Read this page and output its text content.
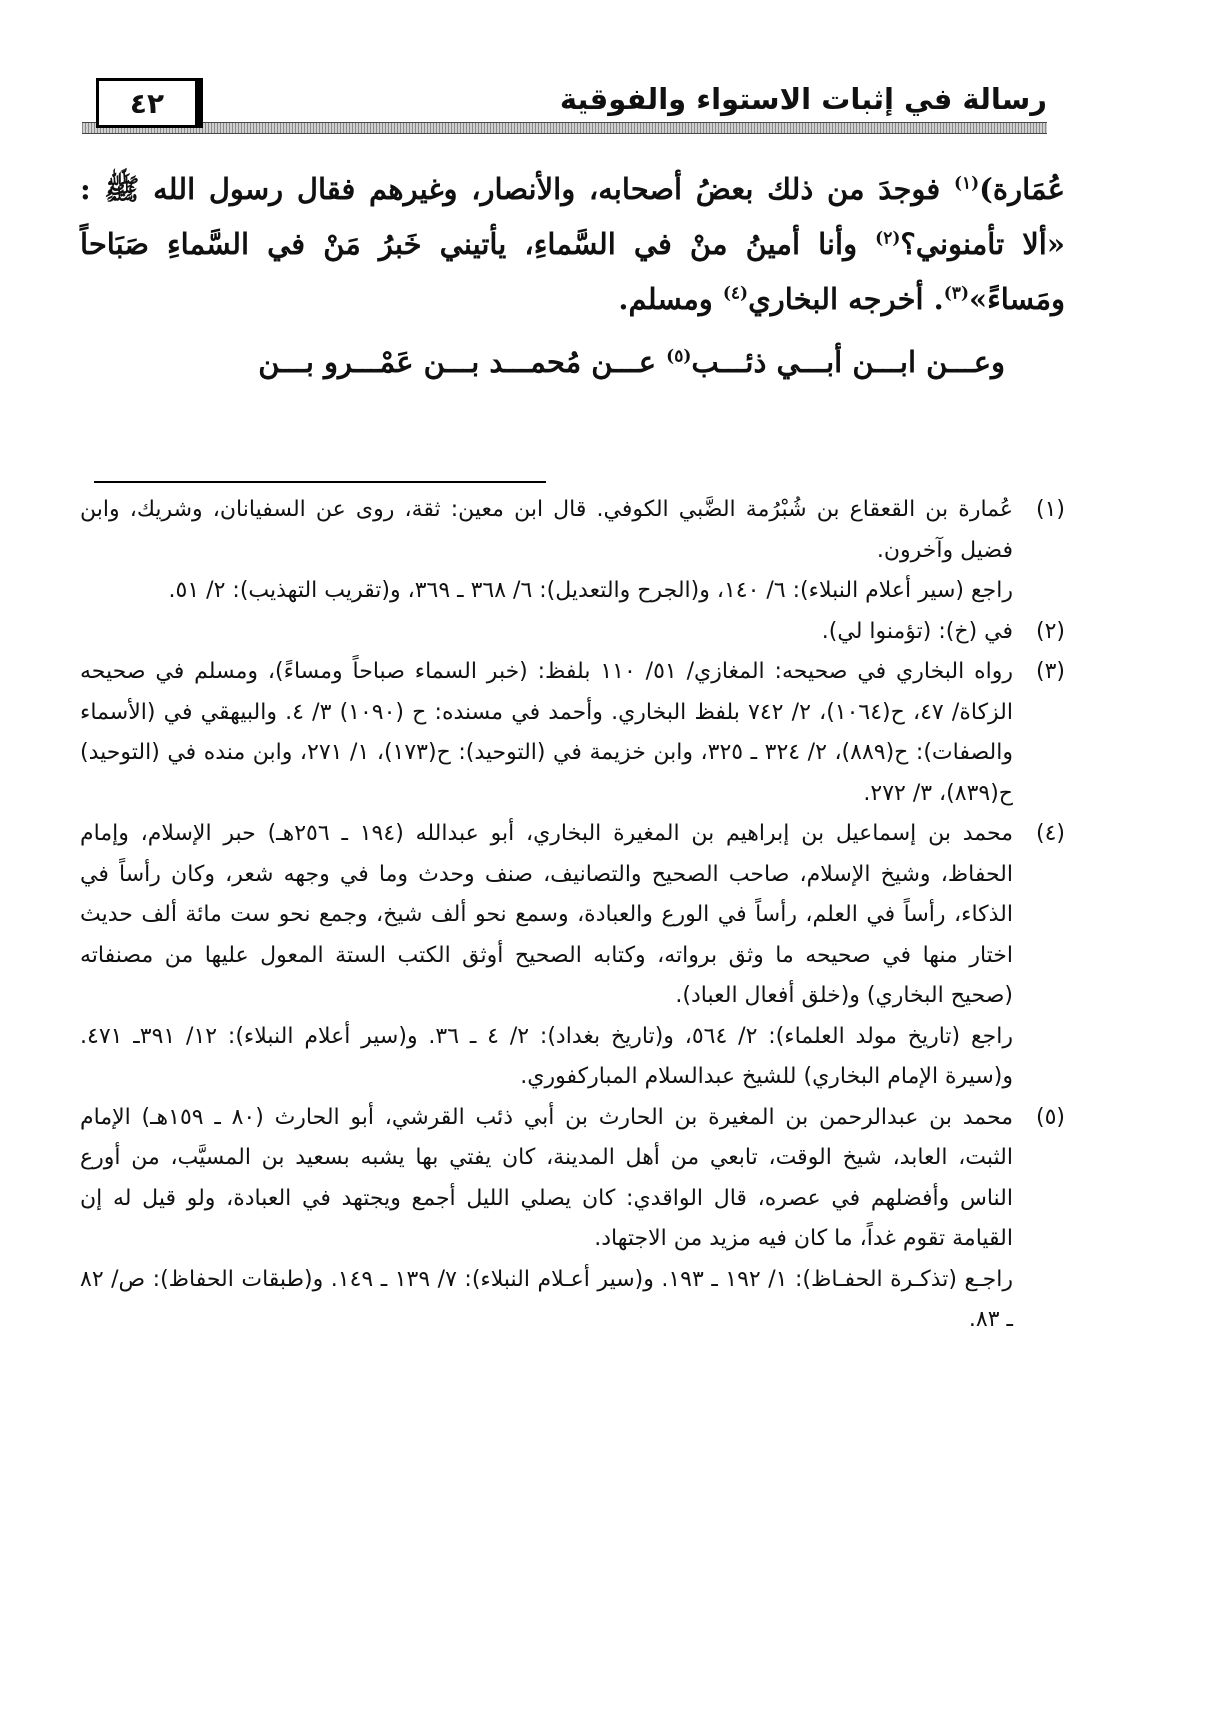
رسالة في إثبات الاستواء والفوقية
٤٢

عُمَارة)$^{(١)}$ فوجدَ من ذلك بعضُ أصحابه، والأنصار، وغيرهم فقال رسول الله ﷺ : «ألا تأمنوني؟$^{(٢)}$ وأنا أمينُ منْ في السَّماءِ، يأتيني خَبرُ مَنْ في السَّماءِ صَبَاحاً ومَساءً»$^{(٣)}$. أخرجه البخاري$^{(٤)}$ ومسلم.

وعـــن ابـــن أبـــي ذئـــب$^{(٥)}$ عـــن مُحمـــد بـــن عَمْـــرو بـــن

(١)

عُمارة بن القعقاع بن شُبْرُمة الضَّبي الكوفي. قال ابن معين: ثقة، روى عن السفيانان، وشريك، وابن فضيل وآخرون.

راجع (سير أعلام النبلاء): ٦/ ١٤٠، و(الجرح والتعديل): ٦/ ٣٦٨ ـ ٣٦٩، و(تقريب التهذيب): ٢/ ٥١.

(٢)

في (خ): (تؤمنوا لي).

(٣)

رواه البخاري في صحيحه: المغازي/ ٥١/ ١١٠ بلفظ: (خبر السماء صباحاً ومساءً)، ومسلم في صحيحه الزكاة/ ٤٧، ح(١٠٦٤)، ٢/ ٧٤٢ بلفظ البخاري. وأحمد في مسنده: ح (١٠٩٠) ٣/ ٤. والبيهقي في (الأسماء والصفات): ح(٨٨٩)، ٢/ ٣٢٤ ـ ٣٢٥، وابن خزيمة في (التوحيد): ح(١٧٣)، ١/ ٢٧١، وابن منده في (التوحيد) ح(٨٣٩)، ٣/ ٢٧٢.

(٤)

محمد بن إسماعيل بن إبراهيم بن المغيرة البخاري، أبو عبدالله (١٩٤ ـ ٢٥٦هـ) حبر الإسلام، وإمام الحفاظ، وشيخ الإسلام، صاحب الصحيح والتصانيف، صنف وحدث وما في وجهه شعر، وكان رأساً في الذكاء، رأساً في العلم، رأساً في الورع والعبادة، وسمع نحو ألف شيخ، وجمع نحو ست مائة ألف حديث اختار منها في صحيحه ما وثق برواته، وكتابه الصحيح أوثق الكتب الستة المعول عليها من مصنفاته (صحيح البخاري) و(خلق أفعال العباد).

راجع (تاريخ مولد العلماء): ٢/ ٥٦٤، و(تاريخ بغداد): ٢/ ٤ ـ ٣٦. و(سير أعلام النبلاء): ١٢/ ٣٩١ـ ٤٧١. و(سيرة الإمام البخاري) للشيخ عبدالسلام المباركفوري.

(٥)

محمد بن عبدالرحمن بن المغيرة بن الحارث بن أبي ذئب القرشي، أبو الحارث (٨٠ ـ ١٥٩هـ) الإمام الثبت، العابد، شيخ الوقت، تابعي من أهل المدينة، كان يفتي بها يشبه بسعيد بن المسيَّب، من أورع الناس وأفضلهم في عصره، قال الواقدي: كان يصلي الليل أجمع ويجتهد في العبادة، ولو قيل له إن القيامة تقوم غداً، ما كان فيه مزيد من الاجتهاد.

راجـع (تذكـرة الحفـاظ): ١/ ١٩٢ ـ ١٩٣. و(سير أعـلام النبلاء): ٧/ ١٣٩ ـ ١٤٩. و(طبقات الحفاظ): ص/ ٨٢ ـ ٨٣.
